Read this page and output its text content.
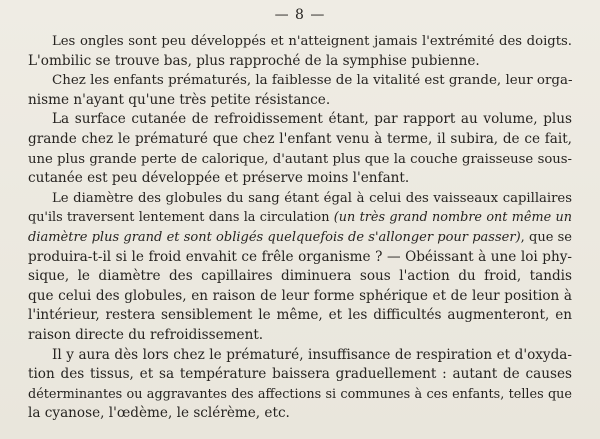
— 8 —
Les ongles sont peu développés et n'atteignent jamais l'extrémité des doigts.
L'ombilic se trouve bas, plus rapproché de la symphise pubienne.
Chez les enfants prématurés, la faiblesse de la vitalité est grande, leur orga-
nisme n'ayant qu'une très petite résistance.
La surface cutanée de refroidissement étant, par rapport au volume, plus
grande chez le prématuré que chez l'enfant venu à terme, il subira, de ce fait,
une plus grande perte de calorique, d'autant plus que la couche graisseuse sous-
cutanée est peu développée et préserve moins l'enfant.
Le diamètre des globules du sang étant égal à celui des vaisseaux capillaires
qu'ils traversent lentement dans la circulation (un très grand nombre ont même un
diamètre plus grand et sont obligés quelquefois de s'allonger pour passer), que se
produira-t-il si le froid envahit ce frêle organisme ? — Obéissant à une loi phy-
sique, le diamètre des capillaires diminuera sous l'action du froid, tandis
que celui des globules, en raison de leur forme sphérique et de leur position à
l'intérieur, restera sensiblement le même, et les difficultés augmenteront, en
raison directe du refroidissement.
Il y aura dès lors chez le prématuré, insuffisance de respiration et d'oxyda-
tion des tissus, et sa température baissera graduellement : autant de causes
déterminantes ou aggravantes des affections si communes à ces enfants, telles que
la cyanose, l'œdème, le sclérème, etc.
